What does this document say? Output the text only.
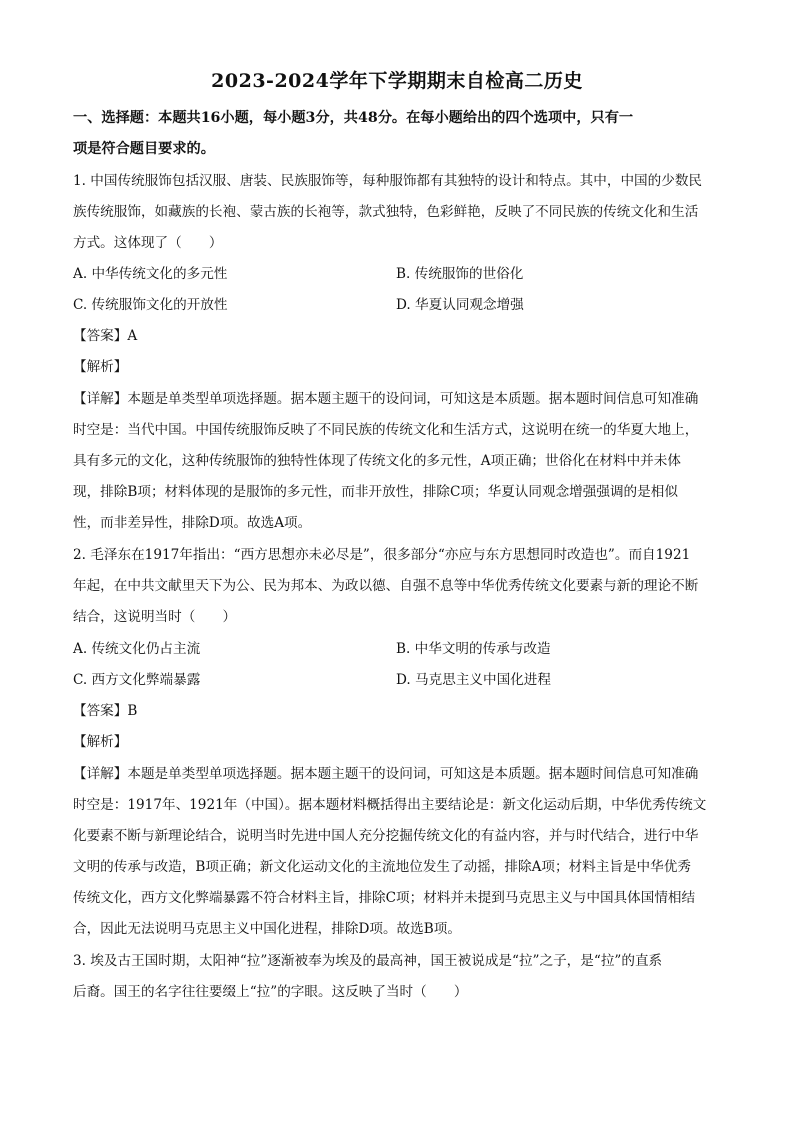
2023-2024学年下学期期末自检高二历史
一、选择题：本题共16小题，每小题3分，共48分。在每小题给出的四个选项中，只有一
项是符合题目要求的。
1. 中国传统服饰包括汉服、唐装、民族服饰等，每种服饰都有其独特的设计和特点。其中，中国的少数民
族传统服饰，如藏族的长袍、蒙古族的长袍等，款式独特，色彩鲜艳，反映了不同民族的传统文化和生活
方式。这体现了（　　）
A. 中华传统文化的多元性	B. 传统服饰的世俗化
C. 传统服饰文化的开放性	D. 华夏认同观念增强
【答案】A
【解析】
【详解】本题是单类型单项选择题。据本题主题干的设问词，可知这是本质题。据本题时间信息可知准确
时空是：当代中国。中国传统服饰反映了不同民族的传统文化和生活方式，这说明在统一的华夏大地上，
具有多元的文化，这种传统服饰的独特性体现了传统文化的多元性，A项正确；世俗化在材料中并未体
现，排除B项；材料体现的是服饰的多元性，而非开放性，排除C项；华夏认同观念增强强调的是相似
性，而非差异性，排除D项。故选A项。
2. 毛泽东在1917年指出：“西方思想亦未必尽是”，很多部分“亦应与东方思想同时改造也”。而自1921
年起，在中共文献里天下为公、民为邦本、为政以德、自强不息等中华优秀传统文化要素与新的理论不断
结合，这说明当时（　　）
A. 传统文化仍占主流	B. 中华文明的传承与改造
C. 西方文化弊端暴露	D. 马克思主义中国化进程
【答案】B
【解析】
【详解】本题是单类型单项选择题。据本题主题干的设问词，可知这是本质题。据本题时间信息可知准确
时空是：1917年、1921年（中国）。据本题材料概括得出主要结论是：新文化运动后期，中华优秀传统文
化要素不断与新理论结合，说明当时先进中国人充分挖掘传统文化的有益内容，并与时代结合，进行中华
文明的传承与改造，B项正确；新文化运动文化的主流地位发生了动摇，排除A项；材料主旨是中华优秀
传统文化，西方文化弊端暴露不符合材料主旨，排除C项；材料并未提到马克思主义与中国具体国情相结
合，因此无法说明马克思主义中国化进程，排除D项。故选B项。
3. 埃及古王国时期，太阳神“拉”逐渐被奉为埃及的最高神，国王被说成是“拉”之子，是“拉”的直系
后裔。国王的名字往往要缀上“拉”的字眼。这反映了当时（　　）
